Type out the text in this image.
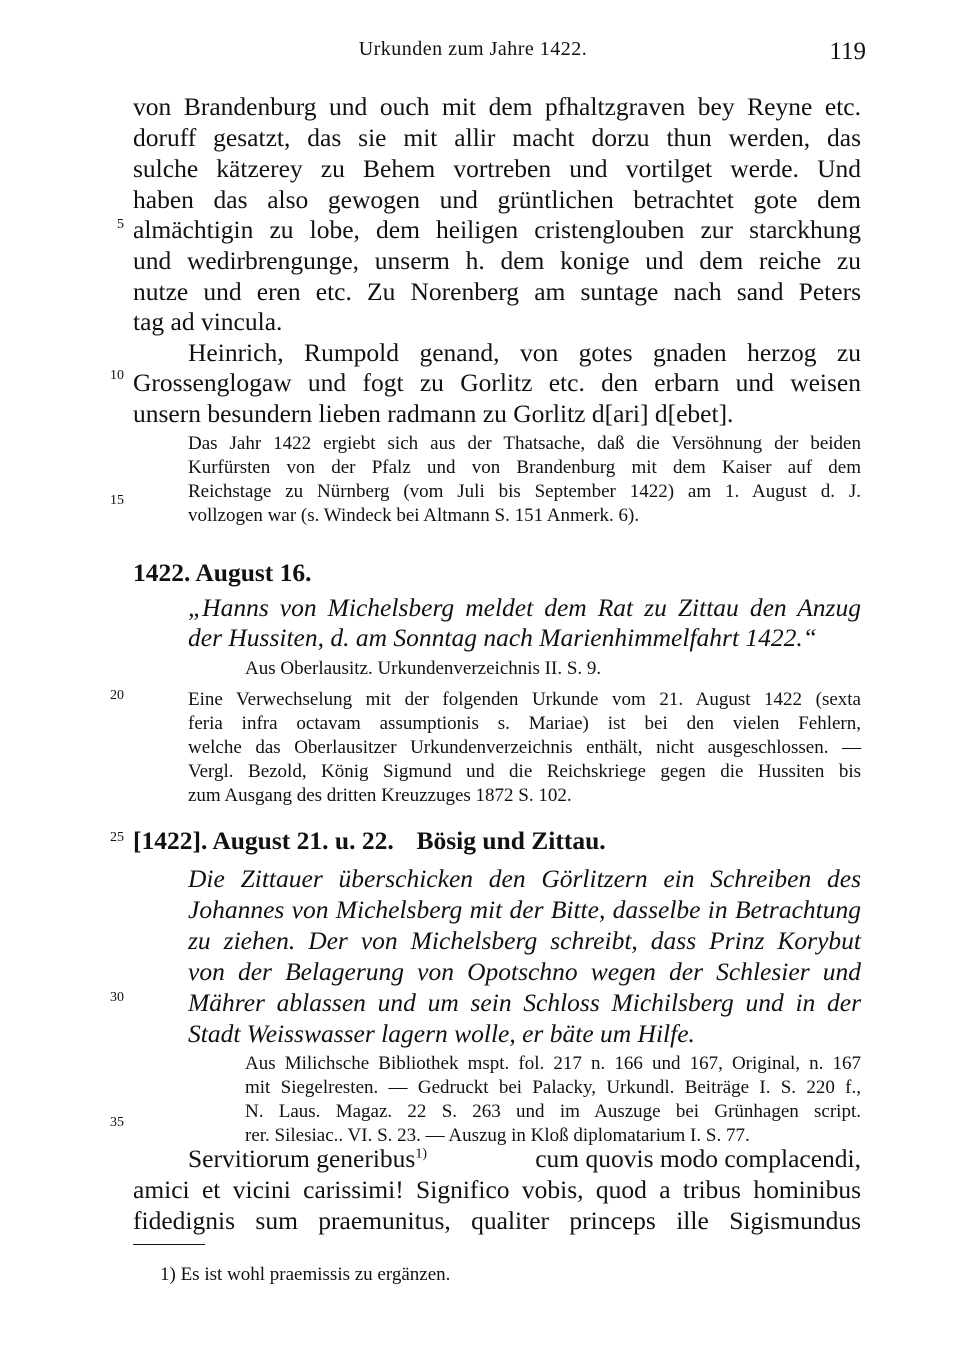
Urkunden zum Jahre 1422.	119
5
10
15
20
25
30
35
von Brandenburg und ouch mit dem pfhaltzgraven bey Reyne etc.
doruff gesatzt, das sie mit allir macht dorzu thun werden, das
sulche kätzerey zu Behem vortreben und vortilget werde. Und
haben das also gewogen und grüntlichen betrachtet gote dem
almächtigin zu lobe, dem heiligen cristenglouben zur starckhung
und wedirbrengunge, unserm h. dem konige und dem reiche zu
nutze und eren etc. Zu Norenberg am suntage nach sand Peters
tag ad vincula.
Heinrich, Rumpold genand, von gotes gnaden herzog zu
Grossenglogaw und fogt zu Gorlitz etc. den erbarn und weisen
unsern besundern lieben radmann zu Gorlitz d[ari] d[ebet].
Das Jahr 1422 ergiebt sich aus der Thatsache, daß die Versöhnung der beiden
Kurfürsten von der Pfalz und von Brandenburg mit dem Kaiser auf dem
Reichstage zu Nürnberg (vom Juli bis September 1422) am 1. August d. J.
vollzogen war (s. Windeck bei Altmann S. 151 Anmerk. 6).
1422. August 16.
„Hanns von Michelsberg meldet dem Rat zu Zittau den Anzug
der Hussiten, d. am Sonntag nach Marienhimmelfahrt 1422.“
Aus Oberlausitz. Urkundenverzeichnis II. S. 9.
Eine Verwechselung mit der folgenden Urkunde vom 21. August 1422 (sexta
feria infra octavam assumptionis s. Mariae) ist bei den vielen Fehlern,
welche das Oberlausitzer Urkundenverzeichnis enthält, nicht ausgeschlossen. —
Vergl. Bezold, König Sigmund und die Reichskriege gegen die Hussiten bis
zum Ausgang des dritten Kreuzzuges 1872 S. 102.
[1422]. August 21. u. 22. Bösig und Zittau.
Die Zittauer überschicken den Görlitzern ein Schreiben des
Johannes von Michelsberg mit der Bitte, dasselbe in Betrachtung
zu ziehen. Der von Michelsberg schreibt, dass Prinz Korybut
von der Belagerung von Opotschno wegen der Schlesier und
Mährer ablassen und um sein Schloss Michilsberg und in der
Stadt Weisswasser lagern wolle, er bäte um Hilfe.
Aus Milichsche Bibliothek mspt. fol. 217 n. 166 und 167, Original, n. 167
mit Siegelresten. — Gedruckt bei Palacky, Urkundl. Beiträge I. S. 220 f.,
N. Laus. Magaz. 22 S. 263 und im Auszuge bei Grünhagen script.
rer. Silesiac.. VI. S. 23. — Auszug in Kloß diplomatarium I. S. 77.
Servitiorum generibus$^{1)}$	cum quovis modo complacendi,
amici et vicini carissimi! Significo vobis, quod a tribus hominibus
fidedignis sum praemunitus, qualiter princeps ille Sigismundus
1) Es ist wohl praemissis zu ergänzen.
